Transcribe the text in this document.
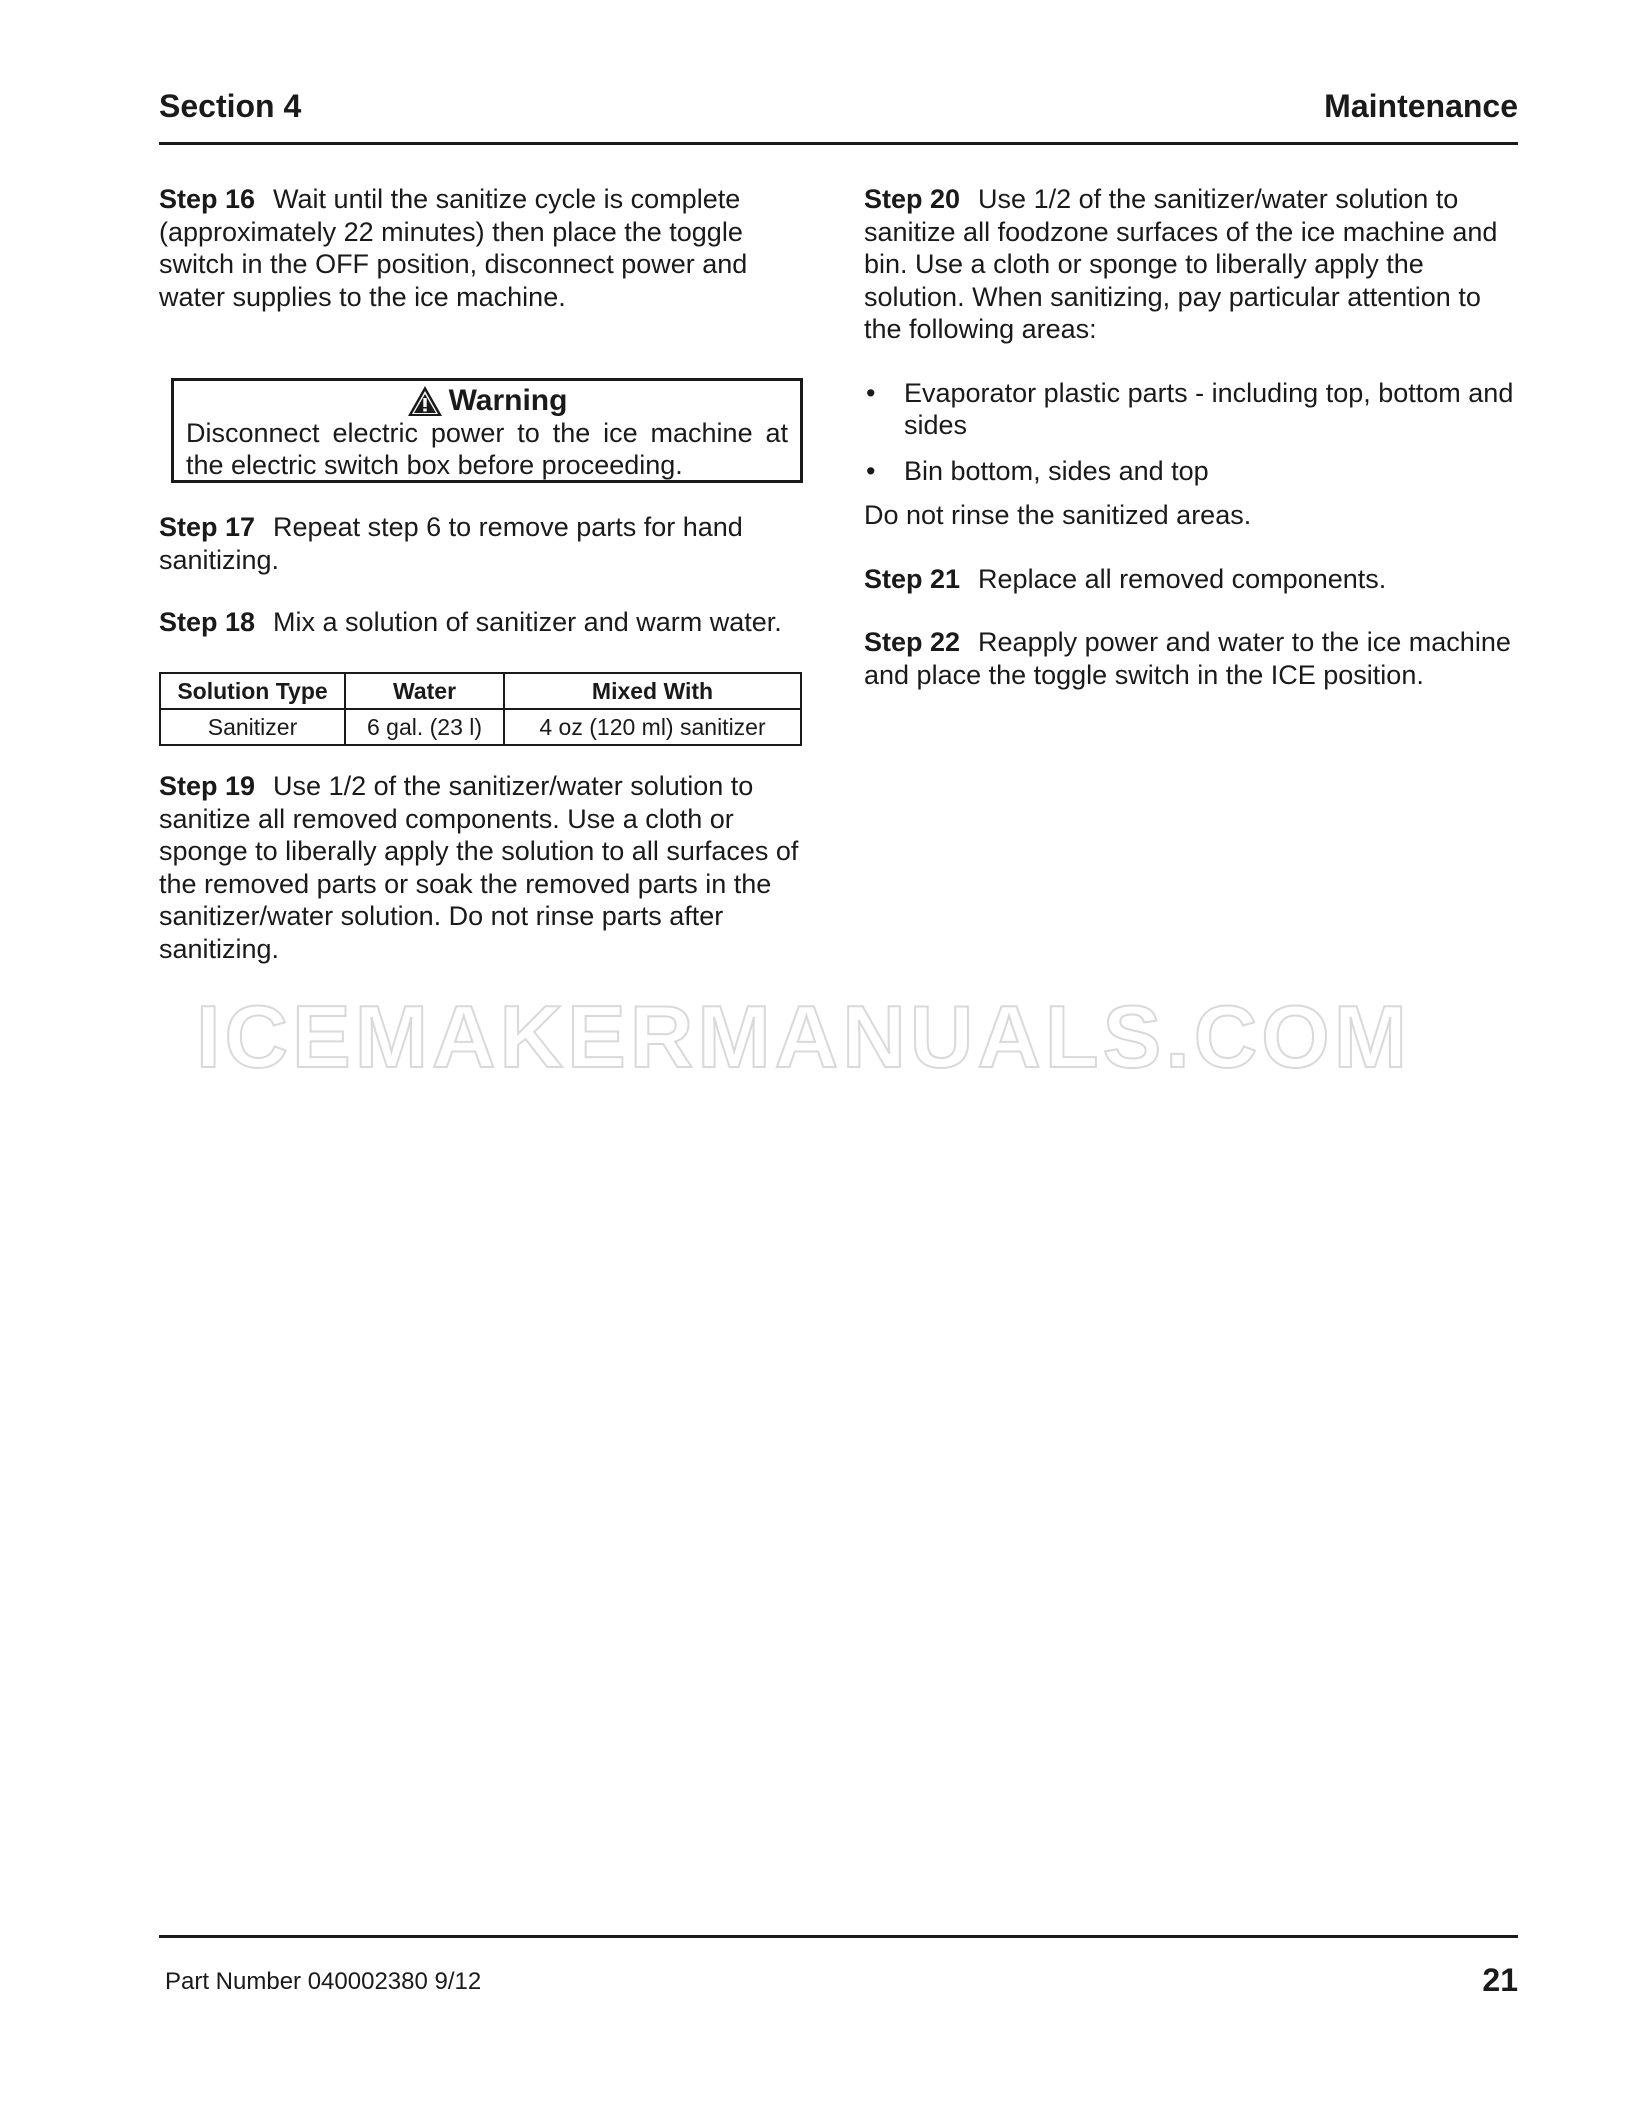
Section 4	Maintenance

Step 16 Wait until the sanitize cycle is complete (approximately 22 minutes) then place the toggle switch in the OFF position, disconnect power and water supplies to the ice machine.

Warning
Disconnect electric power to the ice machine at the electric switch box before proceeding.

Step 17 Repeat step 6 to remove parts for hand sanitizing.

Step 18 Mix a solution of sanitizer and warm water.

Solution Type	Water	Mixed With
Sanitizer	6 gal. (23 l)	4 oz (120 ml) sanitizer

Step 19 Use 1/2 of the sanitizer/water solution to sanitize all removed components. Use a cloth or sponge to liberally apply the solution to all surfaces of the removed parts or soak the removed parts in the sanitizer/water solution. Do not rinse parts after sanitizing.

Step 20 Use 1/2 of the sanitizer/water solution to sanitize all foodzone surfaces of the ice machine and bin. Use a cloth or sponge to liberally apply the solution. When sanitizing, pay particular attention to the following areas:

• Evaporator plastic parts - including top, bottom and sides
• Bin bottom, sides and top

Do not rinse the sanitized areas.

Step 21 Replace all removed components.

Step 22 Reapply power and water to the ice machine and place the toggle switch in the ICE position.

ICEMAKERMANUALS.COM
Part Number 040002380 9/12	21
